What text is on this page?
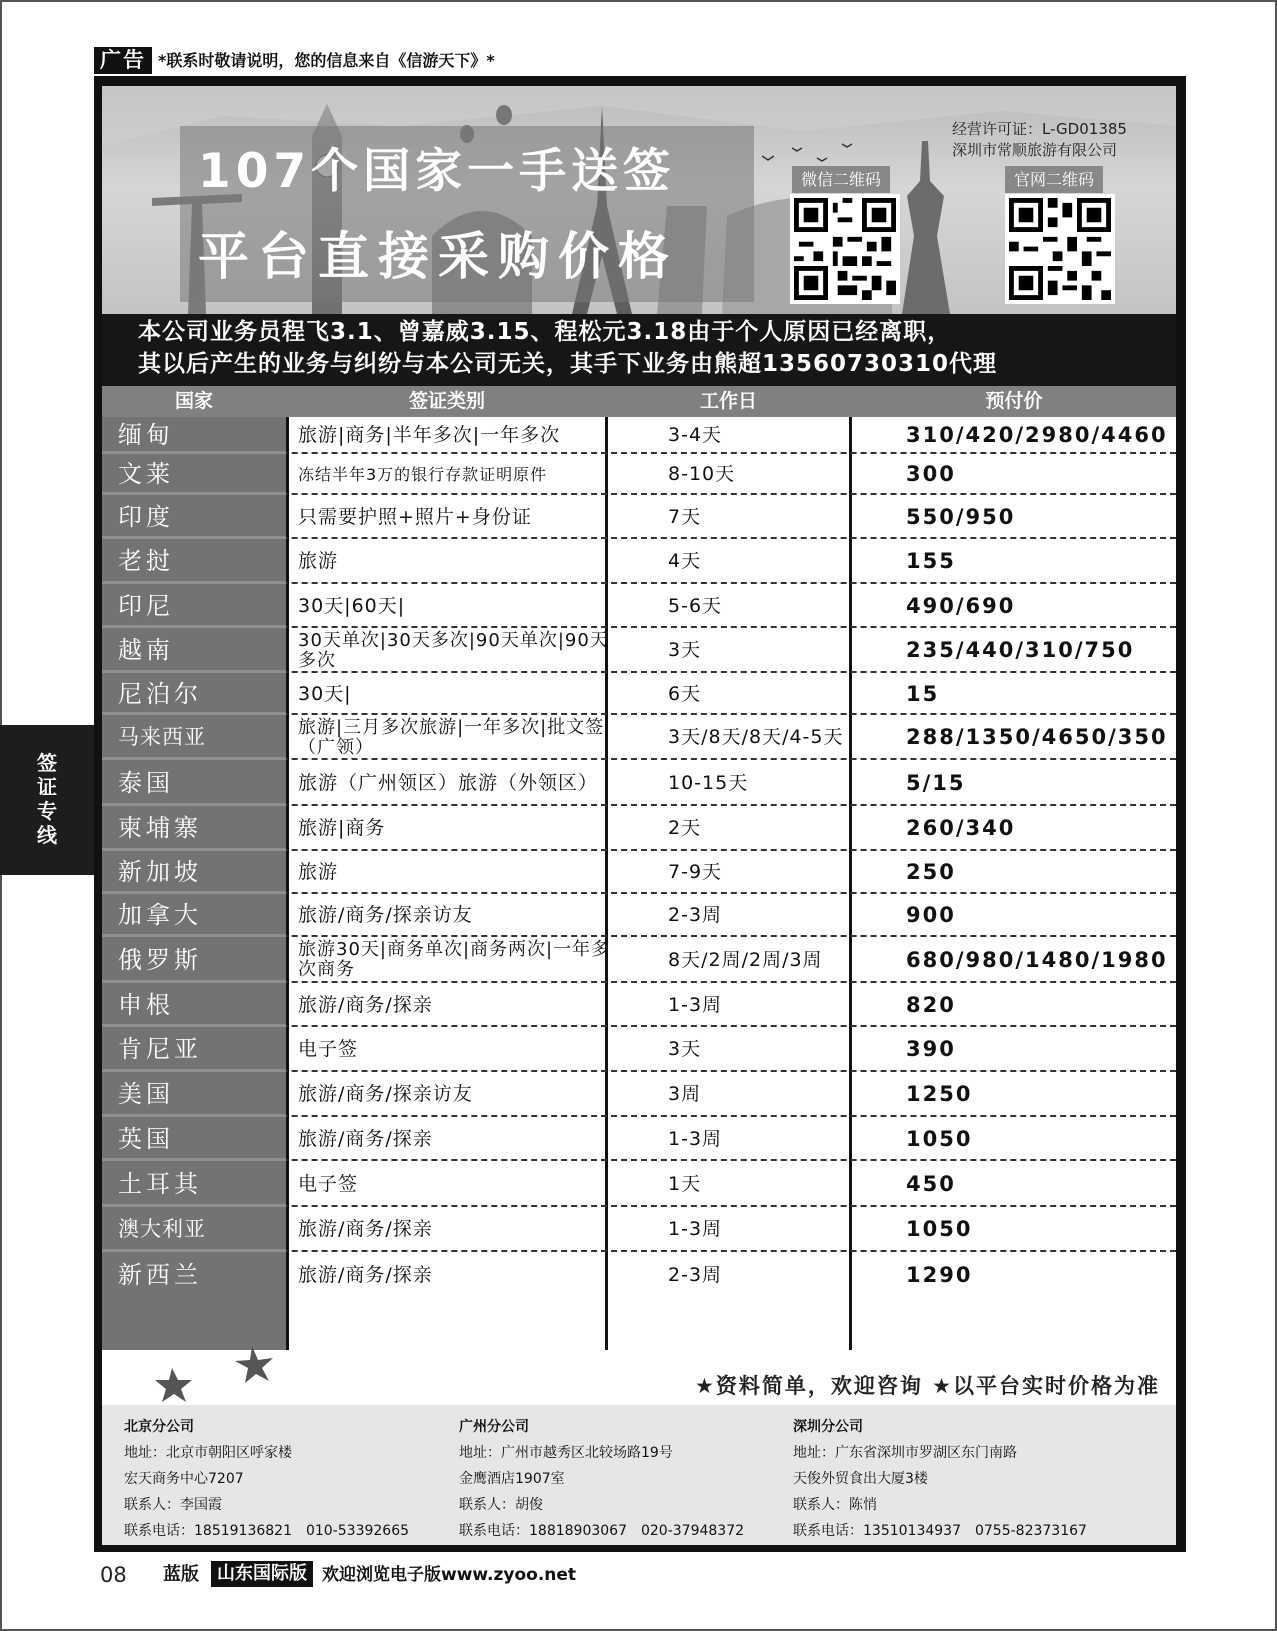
广告 *联系时敬请说明，您的信息来自《信游天下》*
107个国家一手送签
平台直接采购价格
经营许可证：L-GD01385
深圳市常顺旅游有限公司
微信二维码	官网二维码
本公司业务员程飞3.1、曾嘉威3.15、程松元3.18由于个人原因已经离职，
其以后产生的业务与纠纷与本公司无关，其手下业务由熊超13560730310代理
国家	签证类别	工作日	预付价
缅甸	旅游|商务|半年多次|一年多次	3-4天	310/420/2980/4460
文莱	冻结半年3万的银行存款证明原件	8-10天	300
印度	只需要护照+照片+身份证	7天	550/950
老挝	旅游	4天	155
印尼	30天|60天|	5-6天	490/690
越南	30天单次|30天多次|90天单次|90天多次	3天	235/440/310/750
尼泊尔	30天|	6天	15
马来西亚	旅游|三月多次旅游|一年多次|批文签（广领）	3天/8天/8天/4-5天	288/1350/4650/350
泰国	旅游（广州领区）旅游（外领区）	10-15天	5/15
柬埔寨	旅游|商务	2天	260/340
新加坡	旅游	7-9天	250
加拿大	旅游/商务/探亲访友	2-3周	900
俄罗斯	旅游30天|商务单次|商务两次|一年多次商务	8天/2周/2周/3周	680/980/1480/1980
申根	旅游/商务/探亲	1-3周	820
肯尼亚	电子签	3天	390
美国	旅游/商务/探亲访友	3周	1250
英国	旅游/商务/探亲	1-3周	1050
土耳其	电子签	1天	450
澳大利亚	旅游/商务/探亲	1-3周	1050
新西兰	旅游/商务/探亲	2-3周	1290
★资料简单，欢迎咨询 ★以平台实时价格为准
北京分公司
地址：北京市朝阳区呼家楼
宏天商务中心7207
联系人：李国霞
联系电话：18519136821　010-53392665
广州分公司
地址：广州市越秀区北较场路19号
金鹰酒店1907室
联系人：胡俊
联系电话：18818903067　020-37948372
深圳分公司
地址：广东省深圳市罗湖区东门南路
天俊外贸食出大厦3楼
联系人：陈悄
联系电话：13510134937　0755-82373167
签证专线
08 蓝版	山东国际版 欢迎浏览电子版www.zyoo.net
